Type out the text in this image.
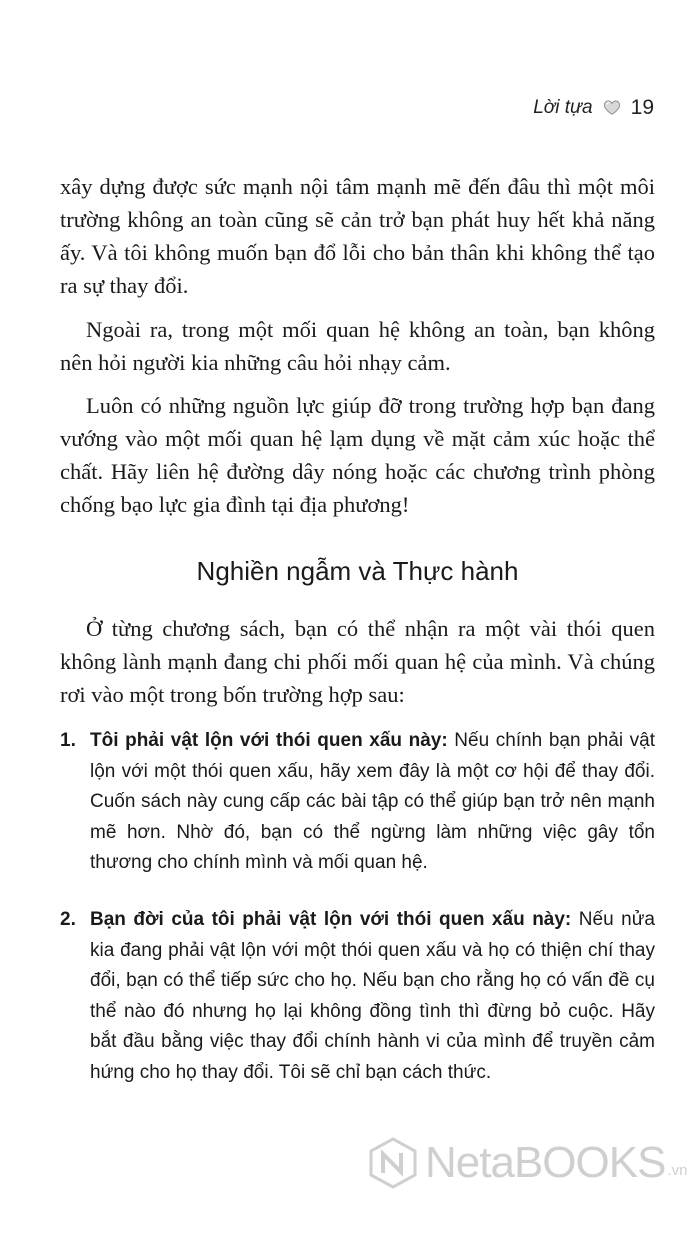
Lời tựa 19

xây dựng được sức mạnh nội tâm mạnh mẽ đến đâu thì một môi trường không an toàn cũng sẽ cản trở bạn phát huy hết khả năng ấy. Và tôi không muốn bạn đổ lỗi cho bản thân khi không thể tạo ra sự thay đổi.

Ngoài ra, trong một mối quan hệ không an toàn, bạn không nên hỏi người kia những câu hỏi nhạy cảm.

Luôn có những nguồn lực giúp đỡ trong trường hợp bạn đang vướng vào một mối quan hệ lạm dụng về mặt cảm xúc hoặc thể chất. Hãy liên hệ đường dây nóng hoặc các chương trình phòng chống bạo lực gia đình tại địa phương!

Nghiền ngẫm và Thực hành

Ở từng chương sách, bạn có thể nhận ra một vài thói quen không lành mạnh đang chi phối mối quan hệ của mình. Và chúng rơi vào một trong bốn trường hợp sau:

1. Tôi phải vật lộn với thói quen xấu này: Nếu chính bạn phải vật lộn với một thói quen xấu, hãy xem đây là một cơ hội để thay đổi. Cuốn sách này cung cấp các bài tập có thể giúp bạn trở nên mạnh mẽ hơn. Nhờ đó, bạn có thể ngừng làm những việc gây tổn thương cho chính mình và mối quan hệ.
2. Bạn đời của tôi phải vật lộn với thói quen xấu này: Nếu nửa kia đang phải vật lộn với một thói quen xấu và họ có thiện chí thay đổi, bạn có thể tiếp sức cho họ. Nếu bạn cho rằng họ có vấn đề cụ thể nào đó nhưng họ lại không đồng tình thì đừng bỏ cuộc. Hãy bắt đầu bằng việc thay đổi chính hành vi của mình để truyền cảm hứng cho họ thay đổi. Tôi sẽ chỉ bạn cách thức.
NetaBOOKS .vn
